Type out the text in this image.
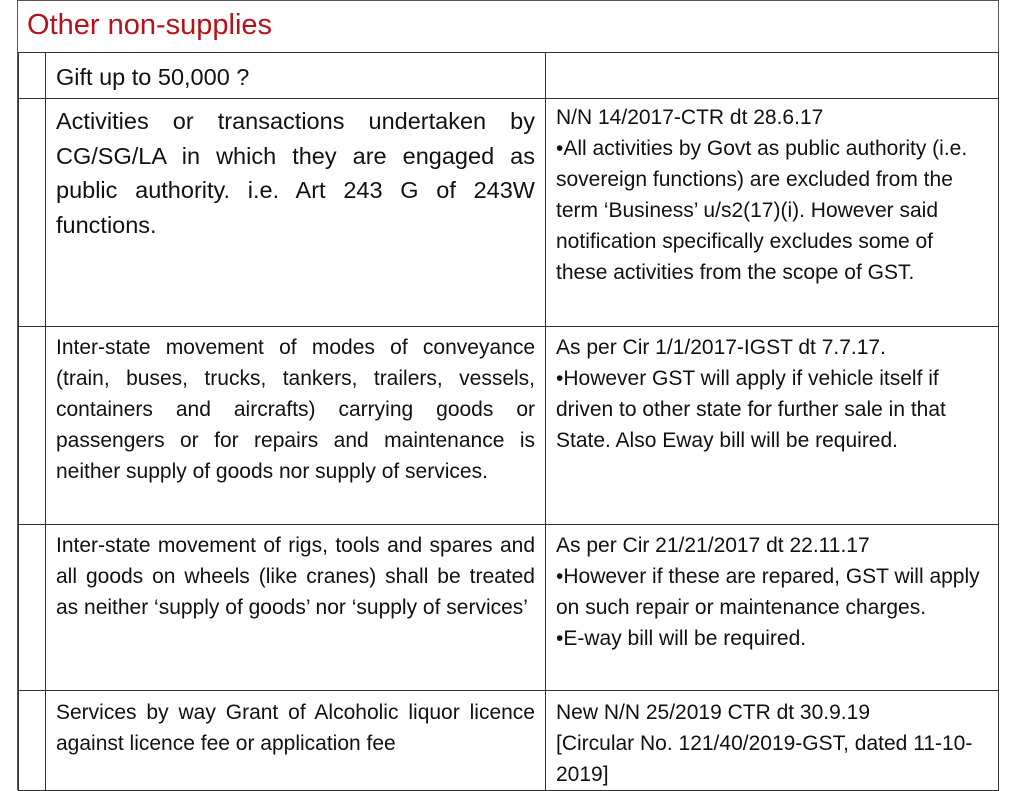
Other non-supplies

	Gift up to 50,000 ?	

	Activities or transactions undertaken by CG/SG/LA in which they are engaged as public authority. i.e. Art 243 G of 243W functions.	N/N 14/2017-CTR dt 28.6.17
•All activities by Govt as public authority (i.e. sovereign functions) are excluded from the term ‘Business’ u/s2(17)(i). However said notification specifically excludes some of these activities from the scope of GST.

	Inter-state movement of modes of conveyance (train, buses, trucks, tankers, trailers, vessels, containers and aircrafts) carrying goods or passengers or for repairs and maintenance is neither supply of goods nor supply of services.	As per Cir 1/1/2017-IGST dt 7.7.17.
•However GST will apply if vehicle itself if driven to other state for further sale in that State. Also Eway bill will be required.

	Inter-state movement of rigs, tools and spares and all goods on wheels (like cranes) shall be treated as neither ‘supply of goods’ nor ‘supply of services’	As per Cir 21/21/2017 dt 22.11.17
•However if these are repared, GST will apply on such repair or maintenance charges.
•E-way bill will be required.

	Services by way Grant of Alcoholic liquor licence against licence fee or application fee	New N/N 25/2019 CTR dt 30.9.19
[Circular No. 121/40/2019-GST, dated 11-10-2019]
